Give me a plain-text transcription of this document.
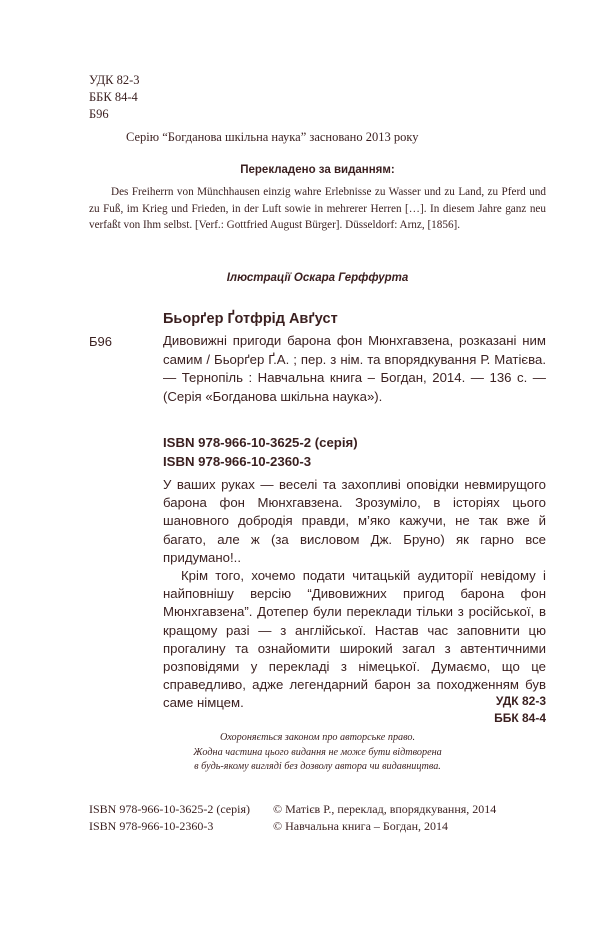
УДК 82-3
ББК 84-4
Б96
Серію “Богданова шкільна наука” засновано 2013 року
Перекладено за виданням:
Des Freiherrn von Münchhausen einzig wahre Erlebnisse zu Wasser und zu Land, zu Pferd und zu Fuß, im Krieg und Frieden, in der Luft sowie in mehrerer Herren […]. In diesem Jahre ganz neu verfaßt von Ihm selbst. [Verf.: Gottfried August Bürger]. Düsseldorf: Arnz, [1856].
Ілюстрації Оскара Герффурта
Бьорґер Ґотфрід Авґуст
Б96	Дивовижні пригоди барона фон Мюнхгавзена, розказані ним самим / Бьорґер Ґ.А. ; пер. з нім. та впорядкування Р. Матієва. — Тернопіль : Навчальна книга – Богдан, 2014. — 136 с. — (Серія «Богданова шкільна наука»).
ISBN 978-966-10-3625-2 (серія)
ISBN 978-966-10-2360-3

У ваших руках — веселі та захопливі оповідки невмирущого барона фон Мюнхгавзена. Зрозуміло, в історіях цього шановного добродія правди, м’яко кажучи, не так вже й багато, але ж (за висловом Дж. Бруно) як гарно все придумано!..

Крім того, хочемо подати читацькій аудиторії невідому і найповнішу версію “Дивовижних пригод барона фон Мюнхгавзена”. Дотепер були переклади тільки з російської, в кращому разі — з англійської. Настав час заповнити цю прогалину та ознайомити широкий загал з автентичними розповідями у перекладі з німецької. Думаємо, що це справедливо, адже легендарний барон за походженням був саме німцем.	УДК 82-3
ББК 84-4
Охороняється законом про авторське право.
Жодна частина цього видання не може бути відтворена
в будь-якому вигляді без дозволу автора чи видавництва.
ISBN 978-966-10-3625-2 (серія)
ISBN 978-966-10-2360-3
© Матієв Р., переклад, впорядкування, 2014
© Навчальна книга – Богдан, 2014
